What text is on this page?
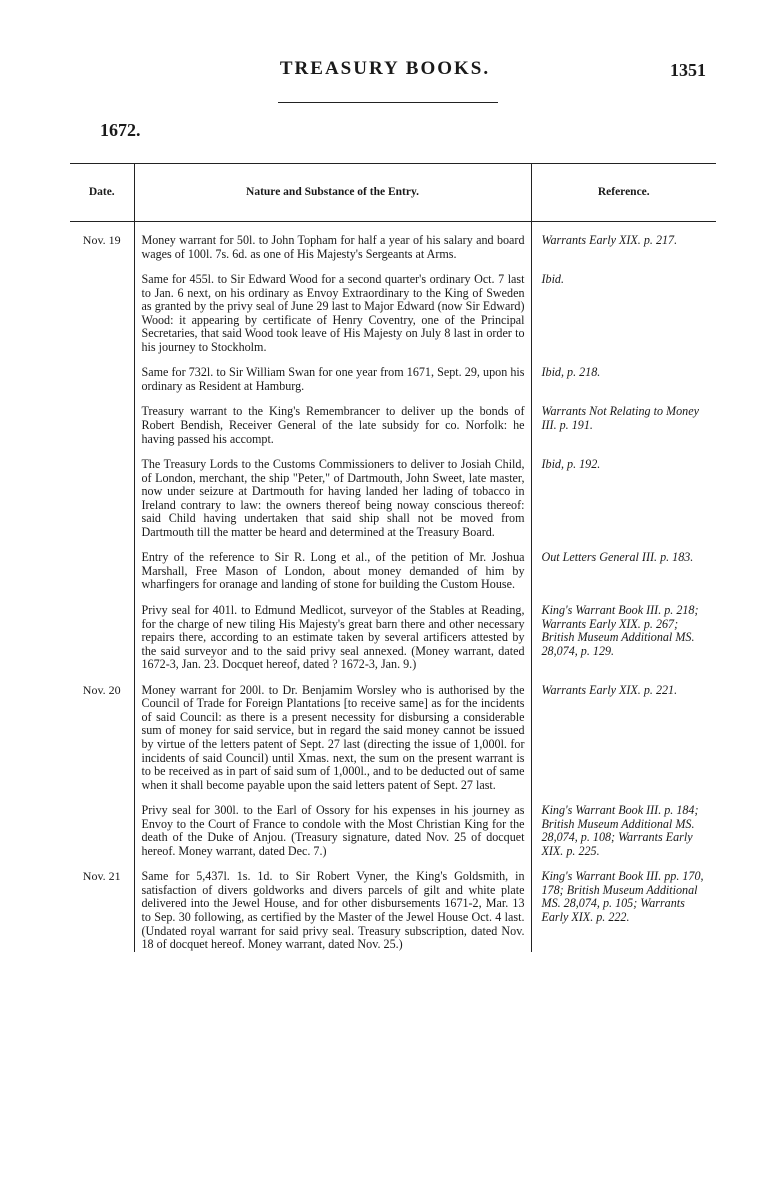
TREASURY BOOKS.	1351
1672.
Date.	Nature and Substance of the Entry.	Reference.
Nov. 19	Money warrant for 50l. to John Topham for half a year of his salary and board wages of 100l. 7s. 6d. as one of His Majesty's Sergeants at Arms.	Warrants Early XIX. p. 217.
	Same for 455l. to Sir Edward Wood for a second quarter's ordinary Oct. 7 last to Jan. 6 next, on his ordinary as Envoy Extraordinary to the King of Sweden as granted by the privy seal of June 29 last to Major Edward (now Sir Edward) Wood: it appearing by certificate of Henry Coventry, one of the Principal Secretaries, that said Wood took leave of His Majesty on July 8 last in order to his journey to Stockholm.	Ibid.
	Same for 732l. to Sir William Swan for one year from 1671, Sept. 29, upon his ordinary as Resident at Hamburg.	Ibid, p. 218.
	Treasury warrant to the King's Remembrancer to deliver up the bonds of Robert Bendish, Receiver General of the late subsidy for co. Norfolk: he having passed his accompt.	Warrants Not Relating to Money III. p. 191.
	The Treasury Lords to the Customs Commissioners to deliver to Josiah Child, of London, merchant, the ship "Peter," of Dartmouth, John Sweet, late master, now under seizure at Dartmouth for having landed her lading of tobacco in Ireland contrary to law: the owners thereof being noway conscious thereof: said Child having undertaken that said ship shall not be moved from Dartmouth till the matter be heard and determined at the Treasury Board.	Ibid, p. 192.
	Entry of the reference to Sir R. Long et al., of the petition of Mr. Joshua Marshall, Free Mason of London, about money demanded of him by wharfingers for oranage and landing of stone for building the Custom House.	Out Letters General III. p. 183.
	Privy seal for 401l. to Edmund Medlicot, surveyor of the Stables at Reading, for the charge of new tiling His Majesty's great barn there and other necessary repairs there, according to an estimate taken by several artificers attested by the said surveyor and to the said privy seal annexed. (Money warrant, dated 1672-3, Jan. 23. Docquet hereof, dated ? 1672-3, Jan. 9.)	King's Warrant Book III. p. 218; Warrants Early XIX. p. 267; British Museum Additional MS. 28,074, p. 129.
Nov. 20	Money warrant for 200l. to Dr. Benjamim Worsley who is authorised by the Council of Trade for Foreign Plantations [to receive same] as for the incidents of said Council: as there is a present necessity for disbursing a considerable sum of money for said service, but in regard the said money cannot be issued by virtue of the letters patent of Sept. 27 last (directing the issue of 1,000l. for incidents of said Council) until Xmas. next, the sum on the present warrant is to be received as in part of said sum of 1,000l., and to be deducted out of same when it shall become payable upon the said letters patent of Sept. 27 last.	Warrants Early XIX. p. 221.
	Privy seal for 300l. to the Earl of Ossory for his expenses in his journey as Envoy to the Court of France to condole with the Most Christian King for the death of the Duke of Anjou. (Treasury signature, dated Nov. 25 of docquet hereof. Money warrant, dated Dec. 7.)	King's Warrant Book III. p. 184; British Museum Additional MS. 28,074, p. 108; Warrants Early XIX. p. 225.
Nov. 21	Same for 5,437l. 1s. 1d. to Sir Robert Vyner, the King's Goldsmith, in satisfaction of divers goldworks and divers parcels of gilt and white plate delivered into the Jewel House, and for other disbursements 1671-2, Mar. 13 to Sep. 30 following, as certified by the Master of the Jewel House Oct. 4 last. (Undated royal warrant for said privy seal. Treasury subscription, dated Nov. 18 of docquet hereof. Money warrant, dated Nov. 25.)	King's Warrant Book III. pp. 170, 178; British Museum Additional MS. 28,074, p. 105; Warrants Early XIX. p. 222.
